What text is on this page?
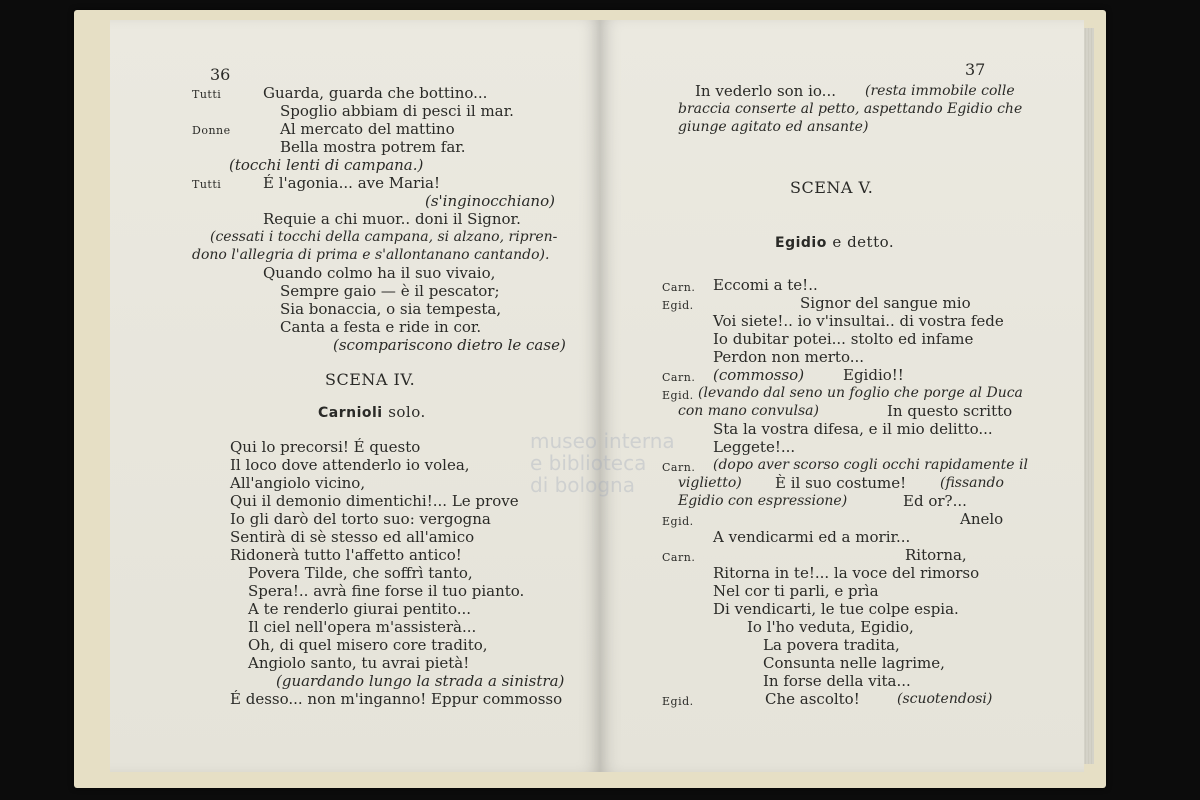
36
Tutti	Guarda, guarda che bottino...
Spoglio abbiam di pesci il mar.
Donne	Al mercato del mattino
Bella mostra potrem far.
(tocchi lenti di campana.)
Tutti	É l'agonia... ave Maria!
(s'inginocchiano)
Requie a chi muor.. doni il Signor.
(cessati i tocchi della campana, si alzano, ripren-
dono l'allegria di prima e s'allontanano cantando).
Quando colmo ha il suo vivaio,
Sempre gaio — è il pescator;
Sia bonaccia, o sia tempesta,
Canta a festa e ride in cor.
(scompariscono dietro le case)
SCENA IV.
Carnioli solo.
Qui lo precorsi! É questo
Il loco dove attenderlo io volea,
All'angiolo vicino,
Qui il demonio dimentichi!... Le prove
Io gli darò del torto suo: vergogna
Sentirà di sè stesso ed all'amico
Ridonerà tutto l'affetto antico!
Povera Tilde, che soffrì tanto,
Spera!.. avrà fine forse il tuo pianto.
A te renderlo giurai pentito...
Il ciel nell'opera m'assisterà...
Oh, di quel misero core tradito,
Angiolo santo, tu avrai pietà!
(guardando lungo la strada a sinistra)
É desso... non m'inganno! Eppur commosso
37
In vederlo son io... (resta immobile colle
braccia conserte al petto, aspettando Egidio che
giunge agitato ed ansante)
SCENA V.
Egidio e detto.
Carn. Eccomi a te!..
Egid.	Signor del sangue mio
Voi siete!.. io v'insultai.. di vostra fede
Io dubitar potei... stolto ed infame
Perdon non merto...
Carn. (commosso)	Egidio!!
Egid. (levando dal seno un foglio che porge al Duca
con mano convulsa)	In questo scritto
Sta la vostra difesa, e il mio delitto...
Leggete!...
Carn. (dopo aver scorso cogli occhi rapidamente il
viglietto) È il suo costume! (fissando
Egidio con espressione)	Ed or?...
Egid.	Anelo
A vendicarmi ed a morir...
Carn.	Ritorna,
Ritorna in te!... la voce del rimorso
Nel cor ti parli, e prìa
Di vendicarti, le tue colpe espia.
Io l'ho veduta, Egidio,
La povera tradita,
Consunta nelle lagrime,
In forse della vita...
Egid.	Che ascolto!	(scuotendosi)
museo interna
e biblioteca
di bologna
